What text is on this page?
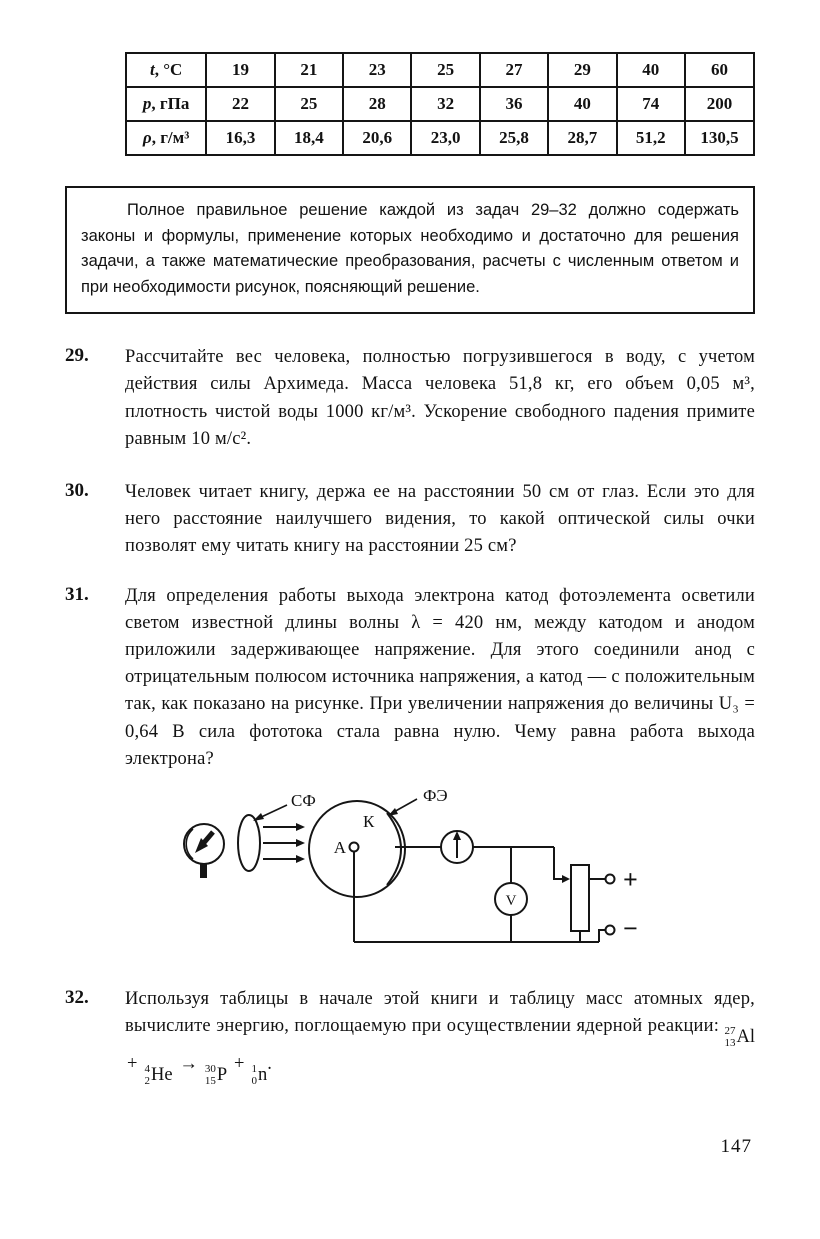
t, °C	19	21	23	25	27	29	40	60
p, гПа	22	25	28	32	36	40	74	200
ρ, г/м³	16,3	18,4	20,6	23,0	25,8	28,7	51,2	130,5

Полное правильное решение каждой из задач 29–32 должно содержать законы и формулы, применение которых необходимо и достаточно для решения задачи, а также математические преобразования, расчеты с численным ответом и при необходимости рисунок, поясняющий решение.

29.	Рассчитайте вес человека, полностью погрузившегося в воду, с учетом действия силы Архимеда. Масса человека 51,8 кг, его объем 0,05 м³, плотность чистой воды 1000 кг/м³. Ускорение свободного падения примите равным 10 м/с².

30.	Человек читает книгу, держа ее на расстоянии 50 см от глаз. Если это для него расстояние наилучшего видения, то какой оптической силы очки позволят ему читать книгу на расстоянии 25 см?

31.	Для определения работы выхода электрона катод фотоэлемента осветили светом известной длины волны λ = 420 нм, между катодом и анодом приложили задерживающее напряжение. Для этого соединили анод с отрицательным полюсом источника напряжения, а катод — с положительным так, как показано на рисунке. При увеличении напряжения до величины U₃ = 0,64 В сила фототока стала равна нулю. Чему равна работа выхода электрона?

СФ
А
К
ФЭ
V
+
−
32.	Используя таблицы в начале этой книги и таблицу масс атомных ядер, вычислите энергию, поглощаемую при осуществлении ядерной реакции: 27
13 Al
+ 4
2 He
→ 30
15 P
+ 1
0 n
.

147
